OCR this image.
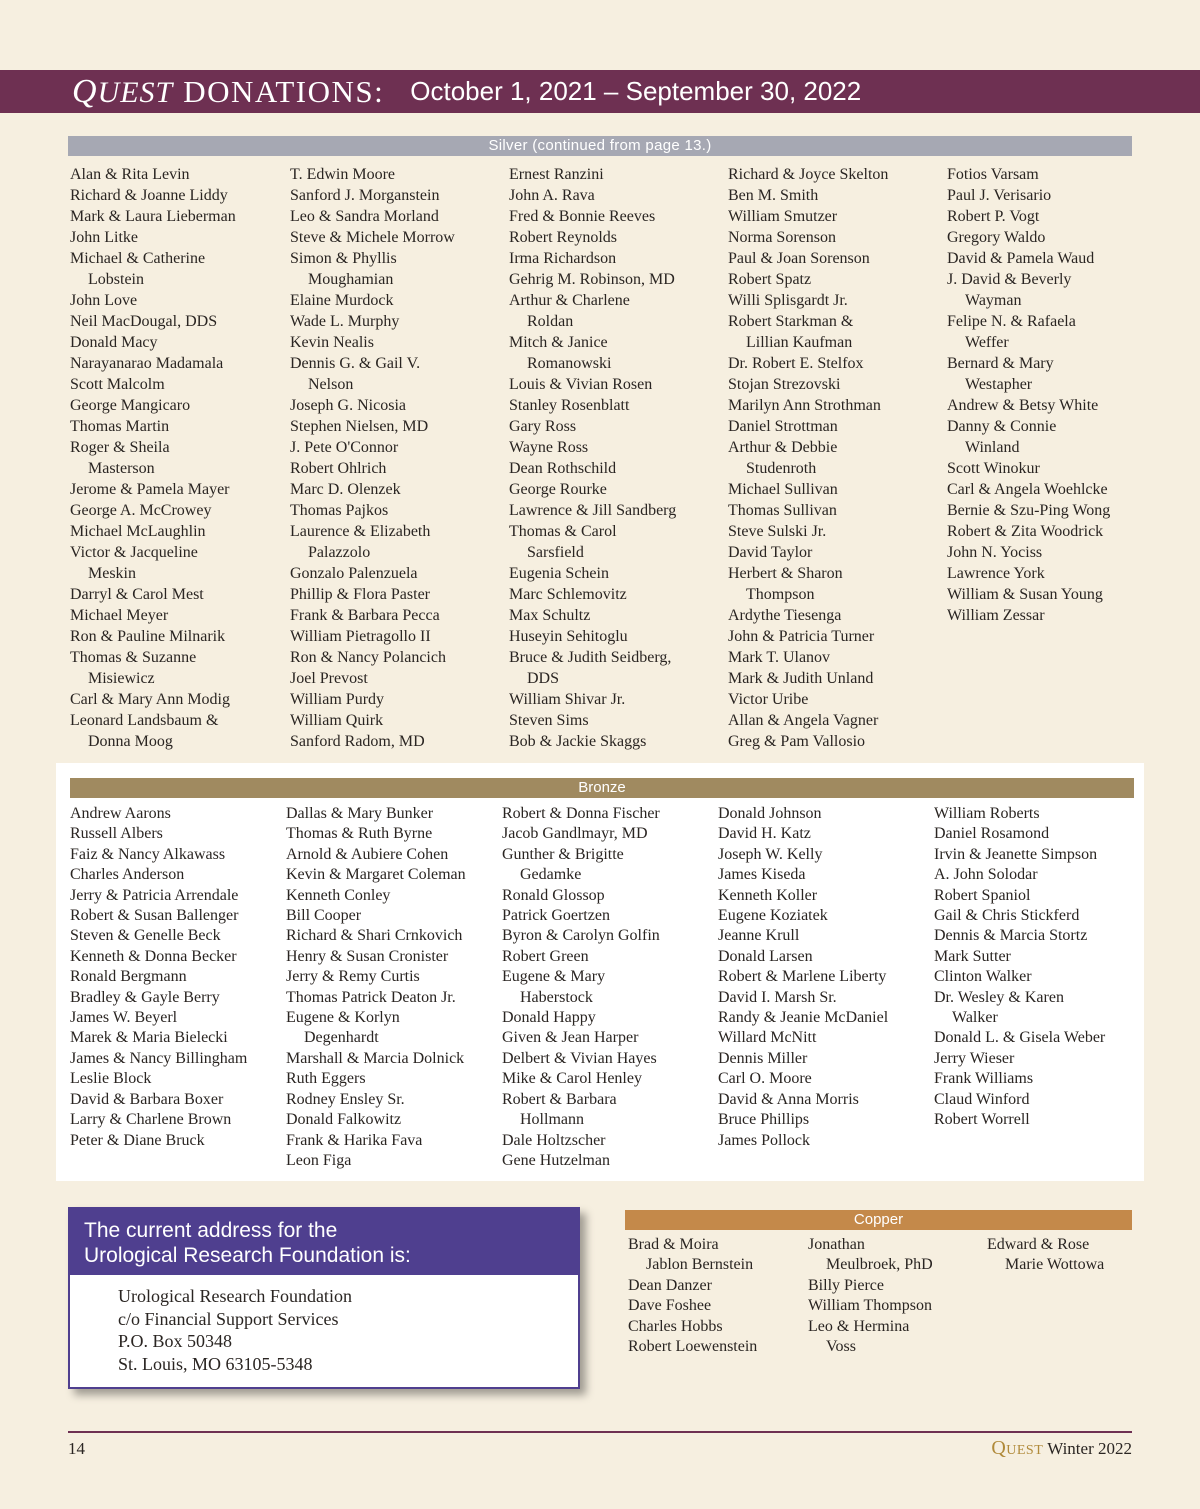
QUEST DONATIONS: October 1, 2021 – September 30, 2022
Silver (continued from page 13.)
Alan & Rita Levin
Richard & Joanne Liddy
Mark & Laura Lieberman
John Litke
Michael & Catherine
Lobstein
John Love
Neil MacDougal, DDS
Donald Macy
Narayanarao Madamala
Scott Malcolm
George Mangicaro
Thomas Martin
Roger & Sheila
Masterson
Jerome & Pamela Mayer
George A. McCrowey
Michael McLaughlin
Victor & Jacqueline
Meskin
Darryl & Carol Mest
Michael Meyer
Ron & Pauline Milnarik
Thomas & Suzanne
Misiewicz
Carl & Mary Ann Modig
Leonard Landsbaum &
Donna Moog
T. Edwin Moore
Sanford J. Morganstein
Leo & Sandra Morland
Steve & Michele Morrow
Simon & Phyllis
Moughamian
Elaine Murdock
Wade L. Murphy
Kevin Nealis
Dennis G. & Gail V.
Nelson
Joseph G. Nicosia
Stephen Nielsen, MD
J. Pete O'Connor
Robert Ohlrich
Marc D. Olenzek
Thomas Pajkos
Laurence & Elizabeth
Palazzolo
Gonzalo Palenzuela
Phillip & Flora Paster
Frank & Barbara Pecca
William Pietragollo II
Ron & Nancy Polancich
Joel Prevost
William Purdy
William Quirk
Sanford Radom, MD
Ernest Ranzini
John A. Rava
Fred & Bonnie Reeves
Robert Reynolds
Irma Richardson
Gehrig M. Robinson, MD
Arthur & Charlene
Roldan
Mitch & Janice
Romanowski
Louis & Vivian Rosen
Stanley Rosenblatt
Gary Ross
Wayne Ross
Dean Rothschild
George Rourke
Lawrence & Jill Sandberg
Thomas & Carol
Sarsfield
Eugenia Schein
Marc Schlemovitz
Max Schultz
Huseyin Sehitoglu
Bruce & Judith Seidberg,
DDS
William Shivar Jr.
Steven Sims
Bob & Jackie Skaggs
Richard & Joyce Skelton
Ben M. Smith
William Smutzer
Norma Sorenson
Paul & Joan Sorenson
Robert Spatz
Willi Splisgardt Jr.
Robert Starkman &
Lillian Kaufman
Dr. Robert E. Stelfox
Stojan Strezovski
Marilyn Ann Strothman
Daniel Strottman
Arthur & Debbie
Studenroth
Michael Sullivan
Thomas Sullivan
Steve Sulski Jr.
David Taylor
Herbert & Sharon
Thompson
Ardythe Tiesenga
John & Patricia Turner
Mark T. Ulanov
Mark & Judith Unland
Victor Uribe
Allan & Angela Vagner
Greg & Pam Vallosio
Fotios Varsam
Paul J. Verisario
Robert P. Vogt
Gregory Waldo
David & Pamela Waud
J. David & Beverly
Wayman
Felipe N. & Rafaela
Weffer
Bernard & Mary
Westapher
Andrew & Betsy White
Danny & Connie
Winland
Scott Winokur
Carl & Angela Woehlcke
Bernie & Szu-Ping Wong
Robert & Zita Woodrick
John N. Yociss
Lawrence York
William & Susan Young
William Zessar
Bronze
Andrew Aarons
Russell Albers
Faiz & Nancy Alkawass
Charles Anderson
Jerry & Patricia Arrendale
Robert & Susan Ballenger
Steven & Genelle Beck
Kenneth & Donna Becker
Ronald Bergmann
Bradley & Gayle Berry
James W. Beyerl
Marek & Maria Bielecki
James & Nancy Billingham
Leslie Block
David & Barbara Boxer
Larry & Charlene Brown
Peter & Diane Bruck
Dallas & Mary Bunker
Thomas & Ruth Byrne
Arnold & Aubiere Cohen
Kevin & Margaret Coleman
Kenneth Conley
Bill Cooper
Richard & Shari Crnkovich
Henry & Susan Cronister
Jerry & Remy Curtis
Thomas Patrick Deaton Jr.
Eugene & Korlyn
Degenhardt
Marshall & Marcia Dolnick
Ruth Eggers
Rodney Ensley Sr.
Donald Falkowitz
Frank & Harika Fava
Leon Figa
Robert & Donna Fischer
Jacob Gandlmayr, MD
Gunther & Brigitte
Gedamke
Ronald Glossop
Patrick Goertzen
Byron & Carolyn Golfin
Robert Green
Eugene & Mary
Haberstock
Donald Happy
Given & Jean Harper
Delbert & Vivian Hayes
Mike & Carol Henley
Robert & Barbara
Hollmann
Dale Holtzscher
Gene Hutzelman
Donald Johnson
David H. Katz
Joseph W. Kelly
James Kiseda
Kenneth Koller
Eugene Koziatek
Jeanne Krull
Donald Larsen
Robert & Marlene Liberty
David I. Marsh Sr.
Randy & Jeanie McDaniel
Willard McNitt
Dennis Miller
Carl O. Moore
David & Anna Morris
Bruce Phillips
James Pollock
William Roberts
Daniel Rosamond
Irvin & Jeanette Simpson
A. John Solodar
Robert Spaniol
Gail & Chris Stickferd
Dennis & Marcia Stortz
Mark Sutter
Clinton Walker
Dr. Wesley & Karen
Walker
Donald L. & Gisela Weber
Jerry Wieser
Frank Williams
Claud Winford
Robert Worrell
The current address for the
Urological Research Foundation is:
Urological Research Foundation
c/o Financial Support Services
P.O. Box 50348
St. Louis, MO 63105-5348
Copper
Brad & Moira
Jablon Bernstein
Dean Danzer
Dave Foshee
Charles Hobbs
Robert Loewenstein
Jonathan
Meulbroek, PhD
Billy Pierce
William Thompson
Leo & Hermina
Voss
Edward & Rose
Marie Wottowa
14	Quest Winter 2022
